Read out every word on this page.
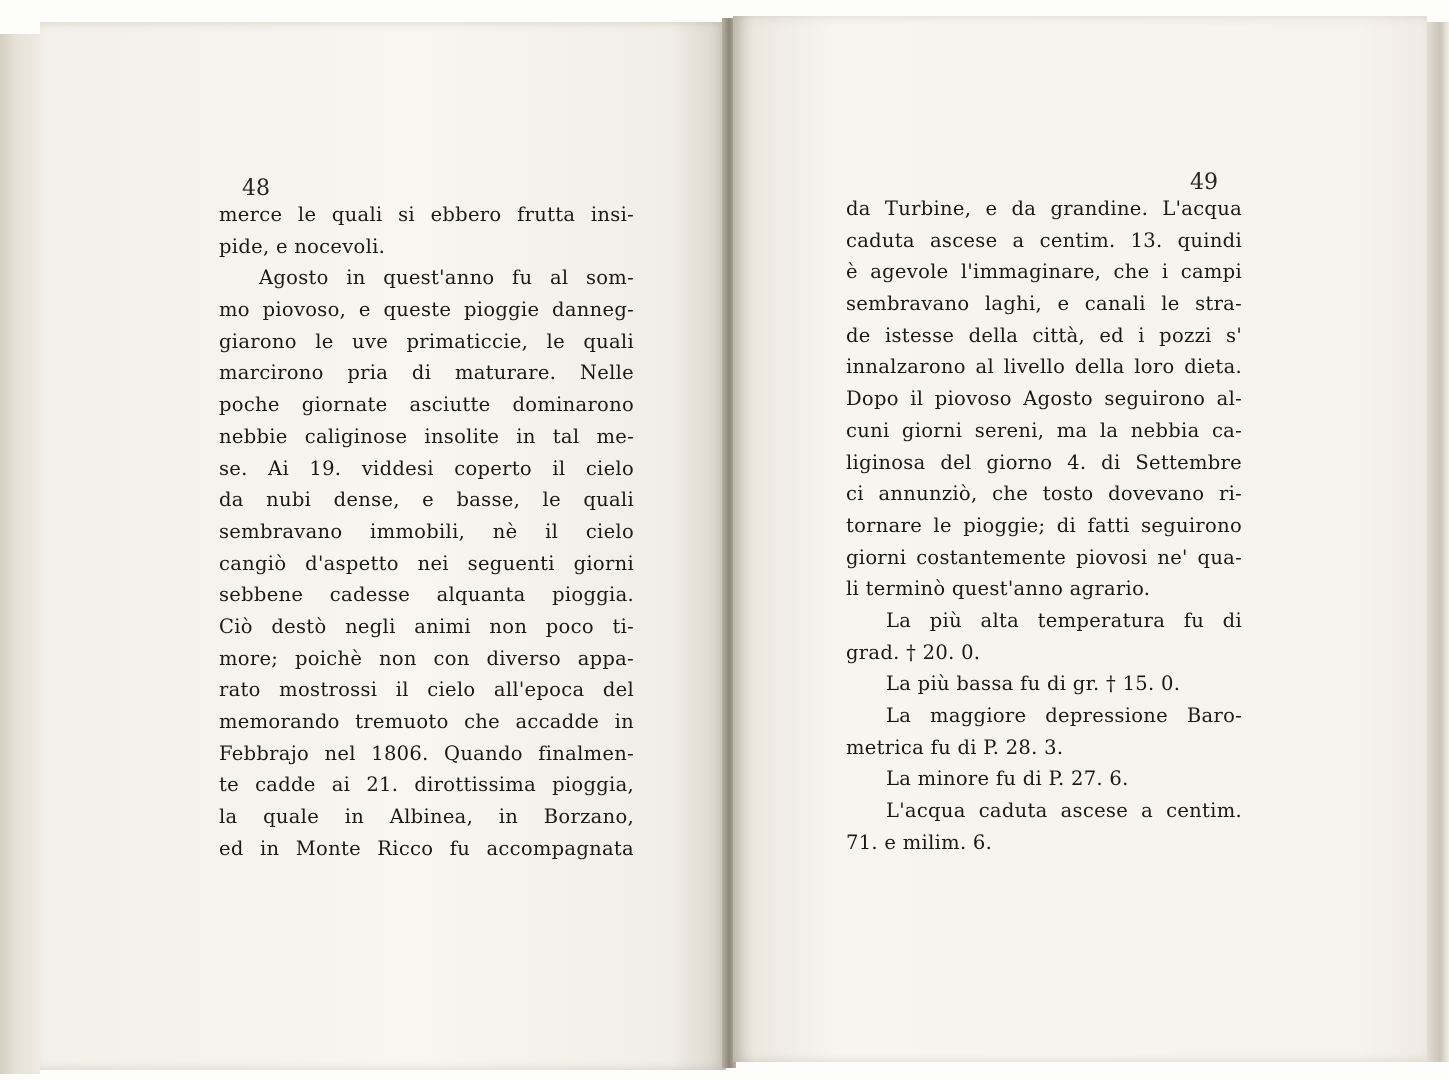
48	49
merce le quali si ebbero frutta insi-
pide, e nocevoli.
Agosto in quest'anno fu al som-
mo piovoso, e queste pioggie danneg-
giarono le uve primaticcie, le quali
marcirono pria di maturare. Nelle
poche giornate asciutte dominarono
nebbie caliginose insolite in tal me-
se. Ai 19. viddesi coperto il cielo
da nubi dense, e basse, le quali
sembravano immobili, nè il cielo
cangiò d'aspetto nei seguenti giorni
sebbene cadesse alquanta pioggia.
Ciò destò negli animi non poco ti-
more; poichè non con diverso appa-
rato mostrossi il cielo all'epoca del
memorando tremuoto che accadde in
Febbrajo nel 1806. Quando finalmen-
te cadde ai 21. dirottissima pioggia,
la quale in Albinea, in Borzano,
ed in Monte Ricco fu accompagnata
da Turbine, e da grandine. L'acqua
caduta ascese a centim. 13. quindi
è agevole l'immaginare, che i campi
sembravano laghi, e canali le stra-
de istesse della città, ed i pozzi s'
innalzarono al livello della loro dieta.
Dopo il piovoso Agosto seguirono al-
cuni giorni sereni, ma la nebbia ca-
liginosa del giorno 4. di Settembre
ci annunziò, che tosto dovevano ri-
tornare le pioggie; di fatti seguirono
giorni costantemente piovosi ne' qua-
li terminò quest'anno agrario.
La più alta temperatura fu di
grad. † 20. 0.
La più bassa fu di gr. † 15. 0.
La maggiore depressione Baro-
metrica fu di P. 28. 3.
La minore fu di P. 27. 6.
L'acqua caduta ascese a centim.
71. e milim. 6.
